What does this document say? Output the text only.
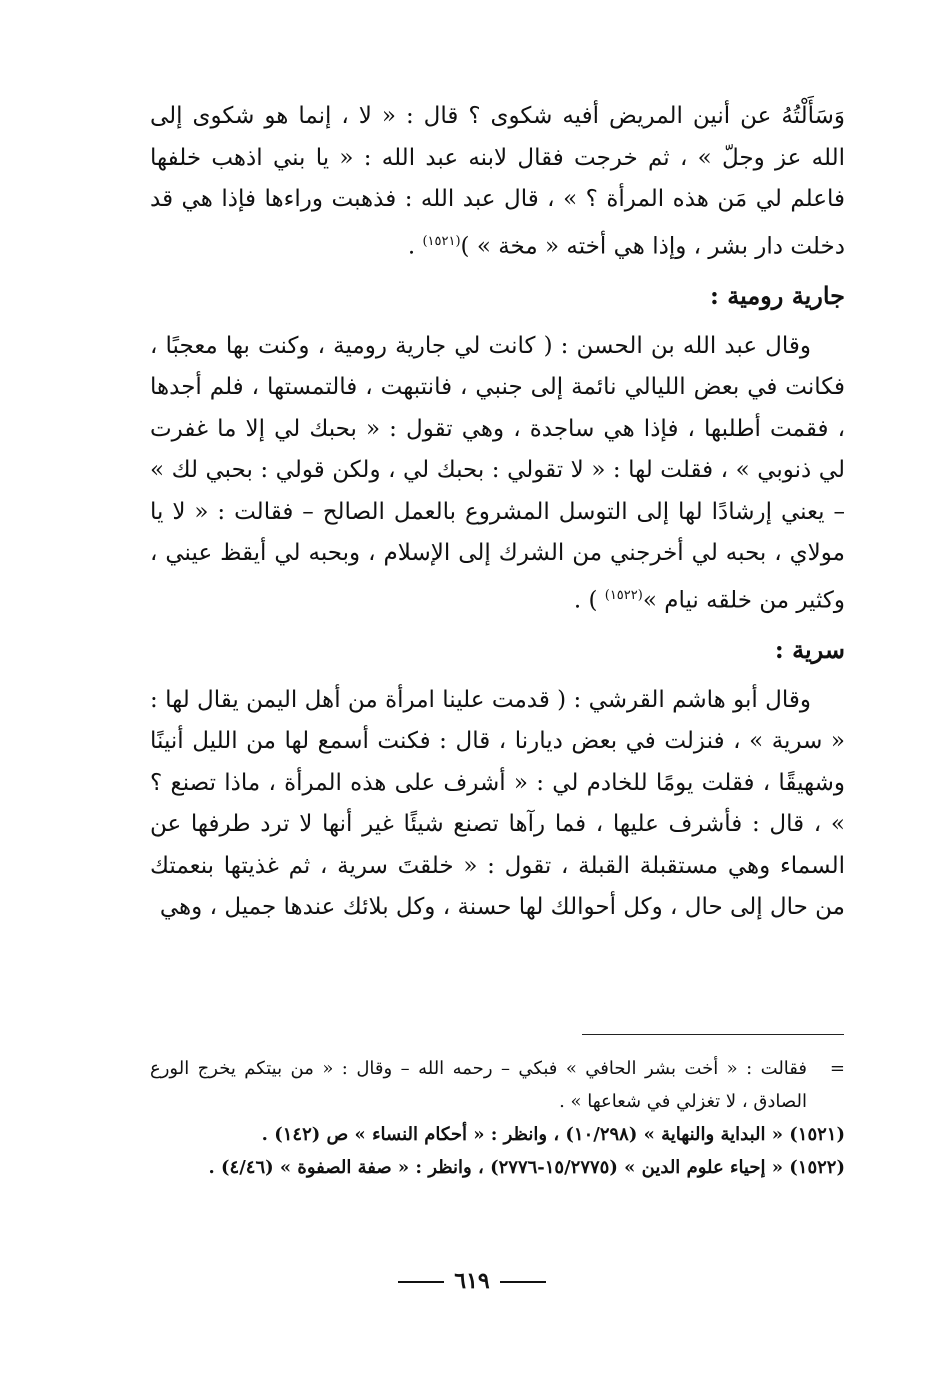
وَسَأَلْتُهُ عن أنين المريض أفيه شكوى ؟ قال : « لا ، إنما هو شكوى إلى الله عز وجلّ » ، ثم خرجت فقال لابنه عبد الله : « يا بني اذهب خلفها فاعلم لي مَن هذه المرأة ؟ » ، قال عبد الله : فذهبت وراءها فإذا هي قد دخلت دار بشر ، وإذا هي أخته « مخة » )$^{(١٥٢١)}$ .

جارية رومية :

وقال عبد الله بن الحسن : ( كانت لي جارية رومية ، وكنت بها معجبًا ، فكانت في بعض الليالي نائمة إلى جنبي ، فانتبهت ، فالتمستها ، فلم أجدها ، فقمت أطلبها ، فإذا هي ساجدة ، وهي تقول : « بحبك لي إلا ما غفرت لي ذنوبي » ، فقلت لها : « لا تقولي : بحبك لي ، ولكن قولي : بحبي لك » – يعني إرشادًا لها إلى التوسل المشروع بالعمل الصالح – فقالت : « لا يا مولاي ، بحبه لي أخرجني من الشرك إلى الإسلام ، وبحبه لي أيقظ عيني ، وكثير من خلقه نيام »$^{(١٥٢٢)}$ ) .

سرية :

وقال أبو هاشم القرشي : ( قدمت علينا امرأة من أهل اليمن يقال لها : « سرية » ، فنزلت في بعض ديارنا ، قال : فكنت أسمع لها من الليل أنينًا وشهيقًا ، فقلت يومًا للخادم لي : « أشرف على هذه المرأة ، ماذا تصنع ؟ » ، قال : فأشرف عليها ، فما رآها تصنع شيئًا غير أنها لا ترد طرفها عن السماء وهي مستقبلة القبلة ، تقول : « خلقتَ سرية ، ثم غذيتها بنعمتك من حال إلى حال ، وكل أحوالك لها حسنة ، وكل بلائك عندها جميل ، وهي

=
فقالت : « أخت بشر الحافي » فبكي – رحمه الله – وقال : « من بيتكم يخرج الورع الصادق ، لا تغزلي في شعاعها » .

(١٥٢١) « البداية والنهاية » (١٠/٢٩٨) ، وانظر : « أحكام النساء » ص (١٤٢) .

(١٥٢٢) « إحياء علوم الدين » (١٥/٢٧٧٥-٢٧٧٦) ، وانظر : « صفة الصفوة » (٤/٤٦) .

٦١٩
